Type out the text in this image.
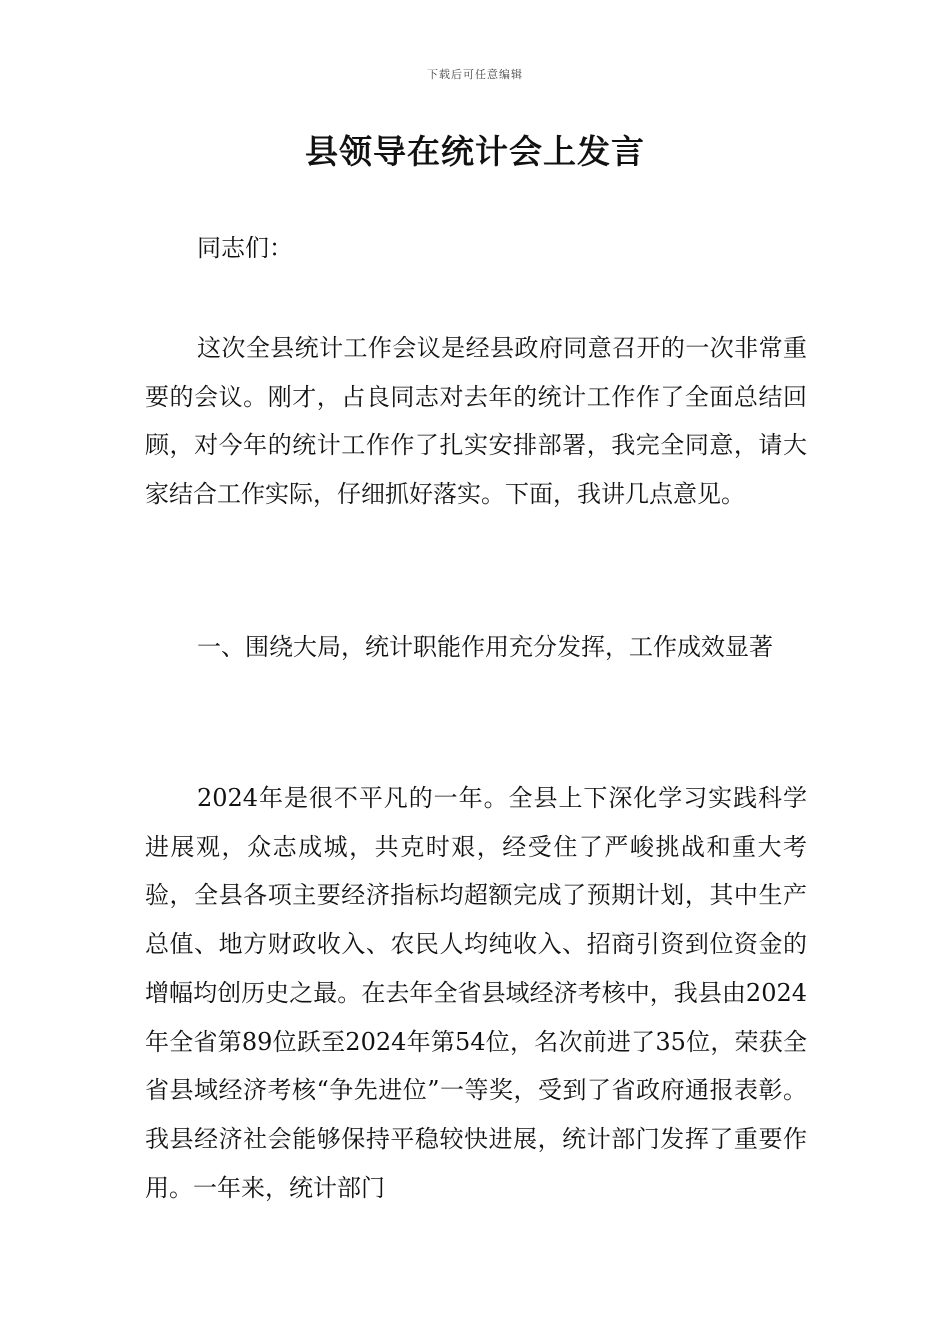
下载后可任意编辑
县领导在统计会上发言

同志们：

这次全县统计工作会议是经县政府同意召开的一次非常重要的会议。刚才，占良同志对去年的统计工作作了全面总结回顾，对今年的统计工作作了扎实安排部署，我完全同意，请大家结合工作实际，仔细抓好落实。下面，我讲几点意见。

一、围绕大局，统计职能作用充分发挥，工作成效显著

2024年是很不平凡的一年。全县上下深化学习实践科学进展观，众志成城，共克时艰，经受住了严峻挑战和重大考验，全县各项主要经济指标均超额完成了预期计划，其中生产总值、地方财政收入、农民人均纯收入、招商引资到位资金的增幅均创历史之最。在去年全省县域经济考核中，我县由2024年全省第89位跃至2024年第54位，名次前进了35位，荣获全省县域经济考核“争先进位”一等奖，受到了省政府通报表彰。我县经济社会能够保持平稳较快进展，统计部门发挥了重要作用。一年来，统计部门
